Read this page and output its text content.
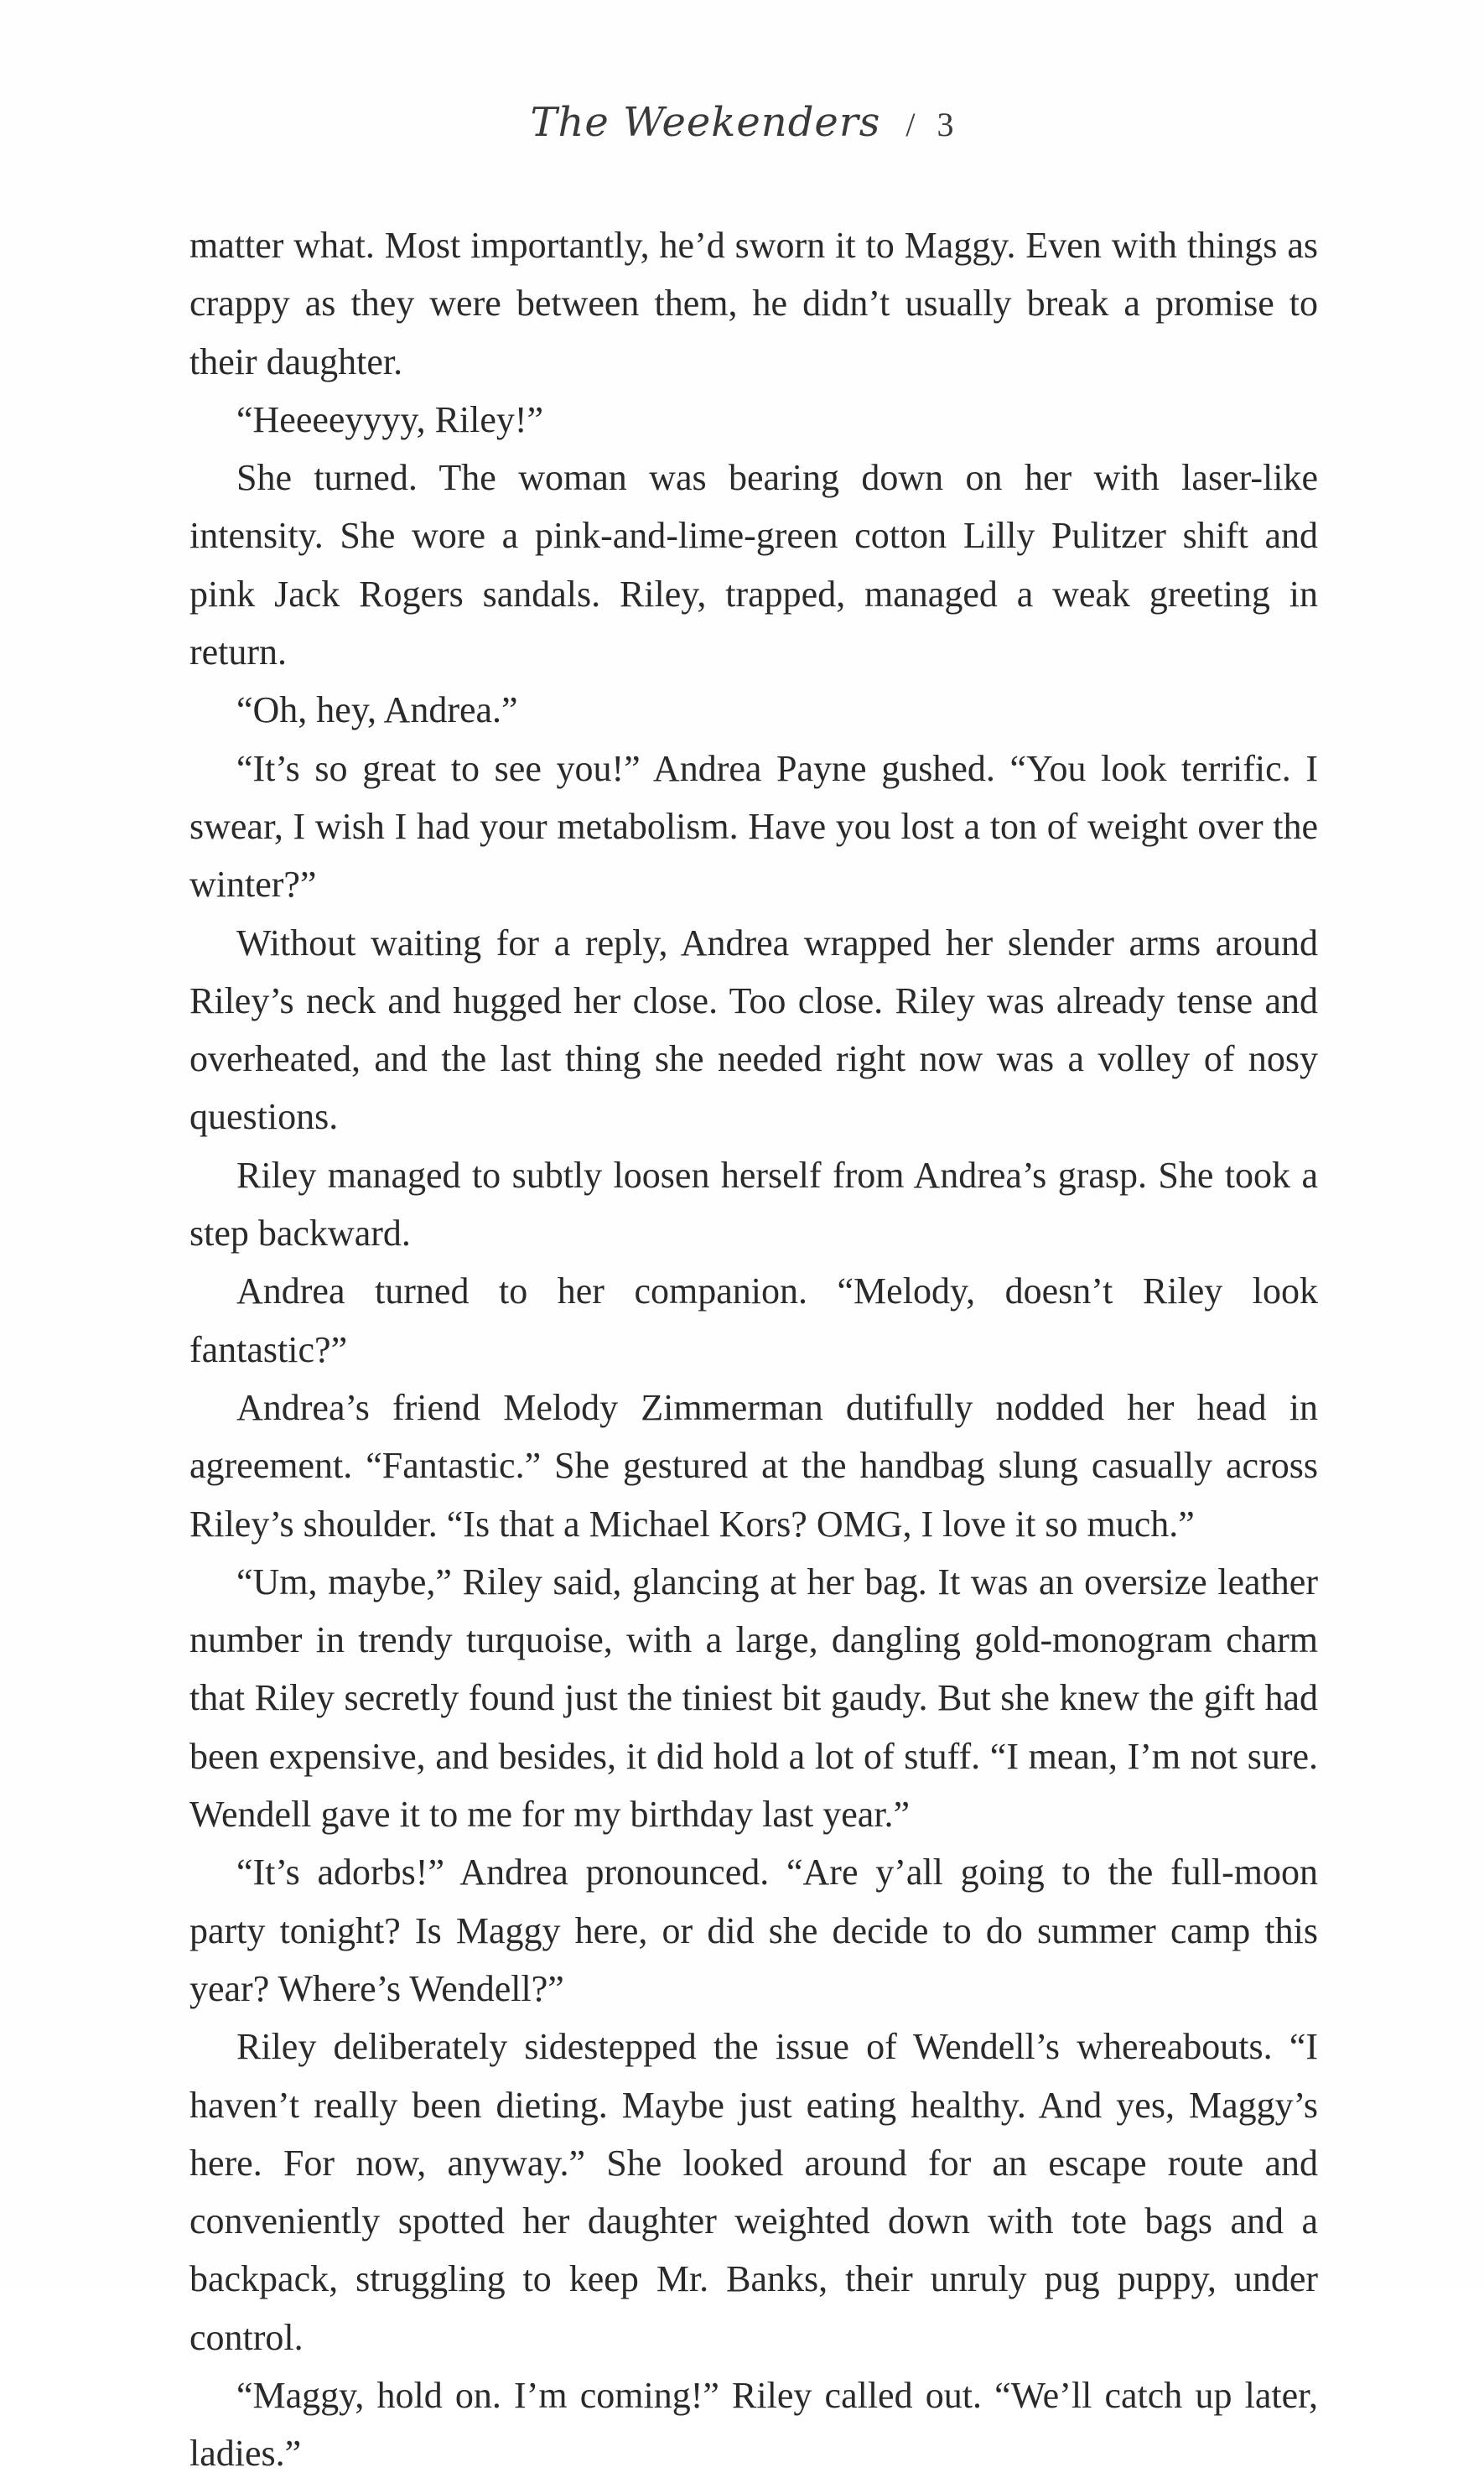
The Weekenders / 3

matter what. Most importantly, he’d sworn it to Maggy. Even with things as crappy as they were between them, he didn’t usually break a promise to their daughter.

“Heeeeyyyy, Riley!”

She turned. The woman was bearing down on her with laser-like intensity. She wore a pink-and-lime-green cotton Lilly Pulitzer shift and pink Jack Rogers sandals. Riley, trapped, managed a weak greeting in return.

“Oh, hey, Andrea.”

“It’s so great to see you!” Andrea Payne gushed. “You look terrific. I swear, I wish I had your metabolism. Have you lost a ton of weight over the winter?”

Without waiting for a reply, Andrea wrapped her slender arms around Riley’s neck and hugged her close. Too close. Riley was already tense and overheated, and the last thing she needed right now was a volley of nosy questions.

Riley managed to subtly loosen herself from Andrea’s grasp. She took a step backward.

Andrea turned to her companion. “Melody, doesn’t Riley look fantastic?”

Andrea’s friend Melody Zimmerman dutifully nodded her head in agreement. “Fantastic.” She gestured at the handbag slung casually across Riley’s shoulder. “Is that a Michael Kors? OMG, I love it so much.”

“Um, maybe,” Riley said, glancing at her bag. It was an oversize leather number in trendy turquoise, with a large, dangling gold-monogram charm that Riley secretly found just the tiniest bit gaudy. But she knew the gift had been expensive, and besides, it did hold a lot of stuff. “I mean, I’m not sure. Wendell gave it to me for my birthday last year.”

“It’s adorbs!” Andrea pronounced. “Are y’all going to the full-moon party tonight? Is Maggy here, or did she decide to do summer camp this year? Where’s Wendell?”

Riley deliberately sidestepped the issue of Wendell’s whereabouts. “I haven’t really been dieting. Maybe just eating healthy. And yes, Maggy’s here. For now, anyway.” She looked around for an escape route and conveniently spotted her daughter weighted down with tote bags and a backpack, struggling to keep Mr. Banks, their unruly pug puppy, under control.

“Maggy, hold on. I’m coming!” Riley called out. “We’ll catch up later, ladies.”
